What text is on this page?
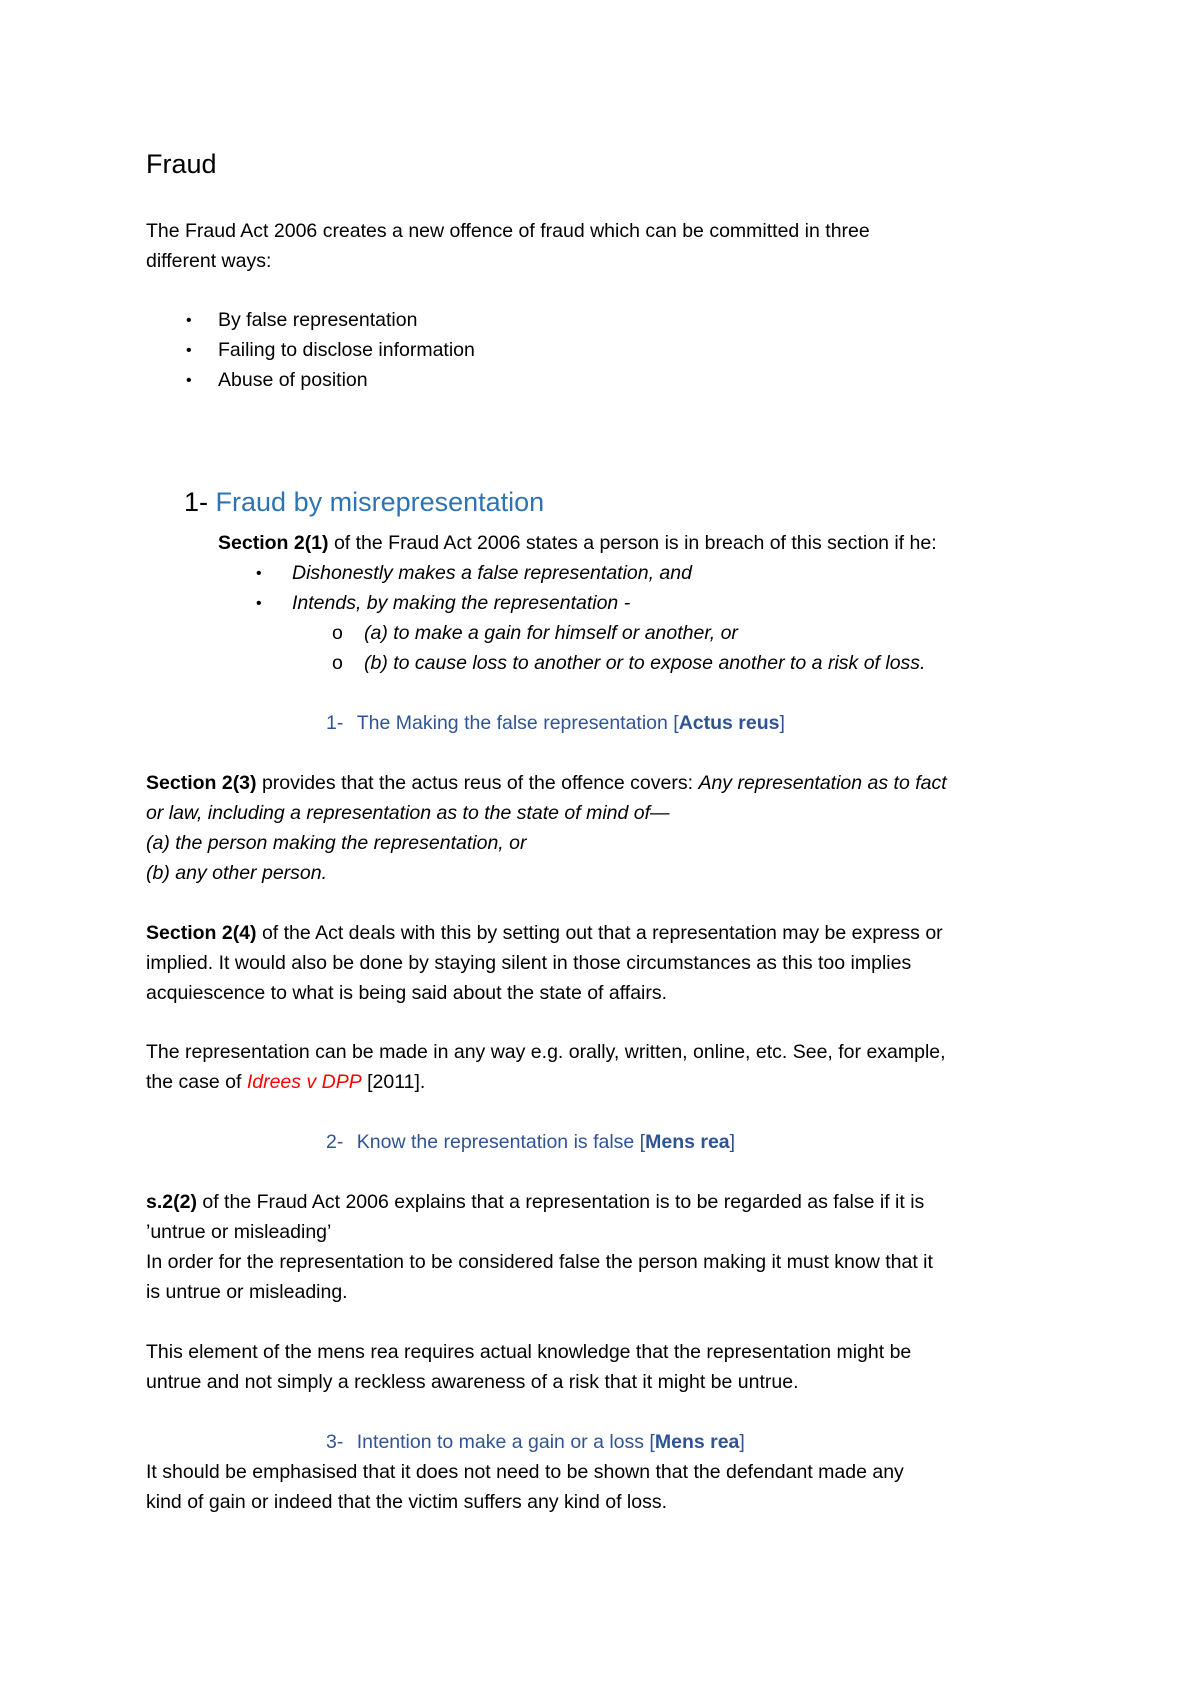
Fraud
The Fraud Act 2006 creates a new offence of fraud which can be committed in three
different ways:
• By false representation
• Failing to disclose information
• Abuse of position
1- Fraud by misrepresentation
Section 2(1) of the Fraud Act 2006 states a person is in breach of this section if he:
• Dishonestly makes a false representation, and
• Intends, by making the representation -
o (a) to make a gain for himself or another, or
o (b) to cause loss to another or to expose another to a risk of loss.
1- The Making the false representation [Actus reus]
Section 2(3) provides that the actus reus of the offence covers: Any representation as to fact
or law, including a representation as to the state of mind of—
(a) the person making the representation, or
(b) any other person.
Section 2(4) of the Act deals with this by setting out that a representation may be express or
implied. It would also be done by staying silent in those circumstances as this too implies
acquiescence to what is being said about the state of affairs.
The representation can be made in any way e.g. orally, written, online, etc. See, for example,
the case of Idrees v DPP [2011].
2- Know the representation is false [Mens rea]
s.2(2) of the Fraud Act 2006 explains that a representation is to be regarded as false if it is
’untrue or misleading’
In order for the representation to be considered false the person making it must know that it
is untrue or misleading.
This element of the mens rea requires actual knowledge that the representation might be
untrue and not simply a reckless awareness of a risk that it might be untrue.
3- Intention to make a gain or a loss [Mens rea]
It should be emphasised that it does not need to be shown that the defendant made any
kind of gain or indeed that the victim suffers any kind of loss.
